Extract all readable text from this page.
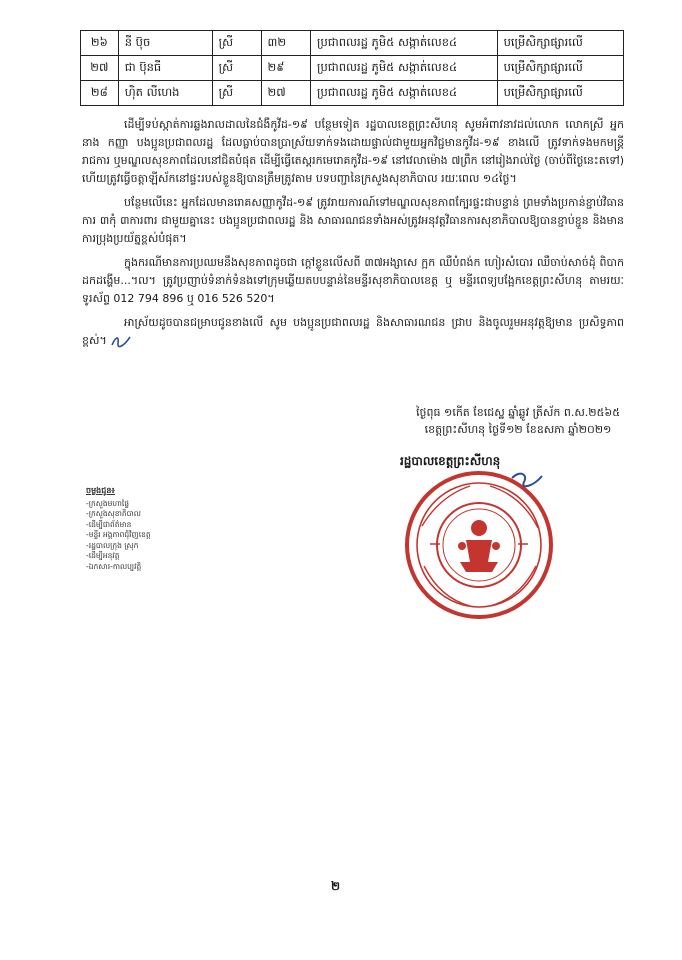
២៦	នី ប៊ុច	ស្រី	៣២	ប្រជាពលរដ្ឋ ភូមិ៥ សង្កាត់លេខ៤	បម្រើសិក្សាផ្សារលើ
២៧	ជា ប៊ុនធី	ស្រី	២៩	ប្រជាពលរដ្ឋ ភូមិ៥ សង្កាត់លេខ៤	បម្រើសិក្សាផ្សារលើ
២៨	ហ៊ិត លីហេង	ស្រី	២៧	ប្រជាពលរដ្ឋ ភូមិ៥ សង្កាត់លេខ៤	បម្រើសិក្សាផ្សារលើ

ដើម្បីទប់ស្កាត់ការឆ្លងរាលដាលនៃជំងឺកូវីដ-១៩ បន្ថែមទៀត រដ្ឋបាលខេត្តព្រះសីហនុ សូមអំពាវនាវដល់លោក លោកស្រី អ្នកនាង កញ្ញា បងប្អូនប្រជាពលរដ្ឋ ដែលធ្លាប់បានប្រាស្រ័យទាក់ទងដោយផ្ទាល់ជាមួយអ្នកវិជ្ជមានកូវីដ-១៩ ខាងលើ ត្រូវទាក់ទងមកមន្ត្រីរាជការ ឬមណ្ឌលសុខភាពដែលនៅជិតបំផុត ដើម្បីធ្វើតេស្តរកមេរោគកូវីដ-១៩ នៅវេលាម៉ោង ៧ព្រឹក នៅរៀងរាល់ថ្ងៃ (ចាប់ពីថ្ងៃនេះតទៅ) ហើយត្រូវធ្វើចត្តាឡីស័កនៅផ្ទះរបស់ខ្លួនឱ្យបានត្រឹមត្រូវតាម បទបញ្ជានៃក្រសួងសុខាភិបាល រយៈពេល ១៤ថ្ងៃ។

បន្ថែមលើនេះ អ្នកដែលមានរោគសញ្ញាកូវីដ-១៩ ត្រូវរាយការណ៍ទៅមណ្ឌលសុខភាពក្បែរផ្ទះជាបន្ទាន់ ព្រមទាំងប្រកាន់ខ្ជាប់វិធានការ ៣កុំ ៣ការពារ ជាមួយគ្នានេះ បងប្អូនប្រជាពលរដ្ឋ និង សាធារណជនទាំងអស់ត្រូវអនុវត្តវិធានការសុខាភិបាលឱ្យបានខ្ជាប់ខ្ជួន និងមានការប្រុងប្រយ័ត្នខ្ពស់បំផុត។

ក្នុងករណីមានការប្រឈមនឹងសុខភាពដូចជា ក្ដៅខ្លួនលើសពី ៣៧អង្សាសេ ក្អក ឈឺបំពង់ក ហៀរសំបោរ ឈឺចាប់សាច់ដុំ ពិបាកដកដង្ហើម...។ល។ ត្រូវប្រញាប់ទំនាក់ទំនងទៅក្រុមឆ្លើយតបបន្ទាន់នៃមន្ទីរសុខាភិបាលខេត្ត ឬ មន្ទីរពេទ្យបង្អែកខេត្តព្រះសីហនុ តាមរយៈទូរស័ព្ទ 012 794 896 ឬ 016 526 520។

អាស្រ័យដូចបានជម្រាបជូនខាងលើ សូម បងប្អូនប្រជាពលរដ្ឋ និងសាធារណជន ជ្រាប និងចូលរួមអនុវត្តឱ្យមាន ប្រសិទ្ធភាពខ្ពស់។

ថ្ងៃពុធ ១កើត ខែជេស្ឋ ឆ្នាំឆ្លូវ ត្រីស័ក ព.ស.២៥៦៥
ខេត្តព្រះសីហនុ ថ្ងៃទី១២ ខែឧសភា ឆ្នាំ២០២១
រដ្ឋបាលខេត្តព្រះសីហនុ
ចម្លងជូន៖
-ក្រសួងមហាផ្ទៃ
-ក្រសួងសុខាភិបាល
-ដើម្បីជាព័ត៌មាន
-មន្ទីរ អង្គភាពជុំវិញខេត្ត
-រដ្ឋបាលក្រុង ស្រុក
-ដើម្បីអនុវត្ត
-ឯកសារ-កាលប្បវត្តិ
២
